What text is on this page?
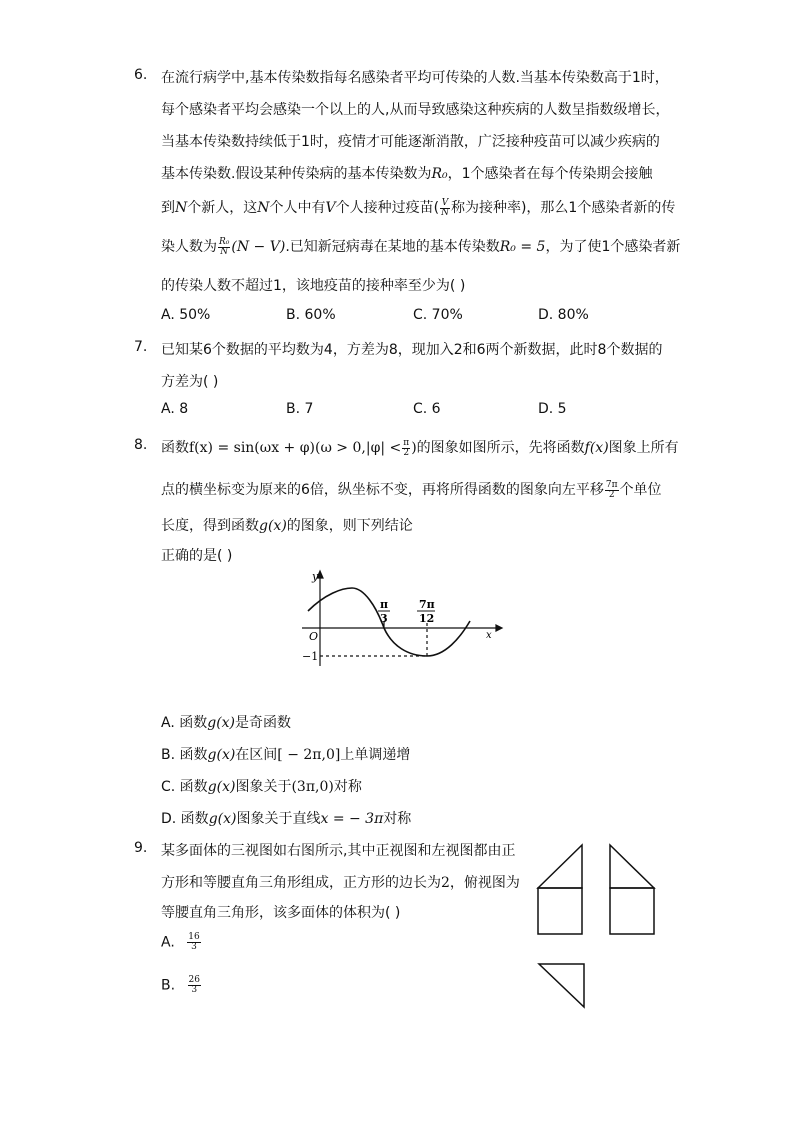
6. 在流行病学中,基本传染数指每名感染者平均可传染的人数.当基本传染数高于1时，
每个感染者平均会感染一个以上的人,从而导致感染这种疾病的人数呈指数级增长，
当基本传染数持续低于1时，疫情才可能逐渐消散，广泛接种疫苗可以减少疾病的
基本传染数.假设某种传染病的基本传染数为R₀，1个感染者在每个传染期会接触
到N个新人，这N个人中有V个人接种过疫苗( $\frac{V}{N}$ 称为接种率)，那么1个感染者新的传
染人数为 $\frac{\text{R₀}}{N} (N - V)$.已知新冠病毒在某地的基本传染数R₀ = 5，为了使1个感染者新
的传染人数不超过1，该地疫苗的接种率至少为( )
A. 50%	B. 60%	C. 70%	D. 80%
7. 已知某6个数据的平均数为4，方差为8，现加入2和6两个新数据，此时8个数据的
方差为( )
A. 8	B. 7	C. 6	D. 5
8. 函数$f(x) = \sin(\omega x + \varphi)(\omega > 0,|\varphi| < \frac{\pi}{2}$ )的图象如图所示，先将函数f(x)图象上所有
点的横坐标变为原来的6倍，纵坐标不变，再将所得函数的图象向左平移 $\frac{7\pi}{2}$ 个单位
长度，得到函数g(x)的图象，则下列结论
正确的是( )
y
x
O
−1
π
3
7π
12
A. 函数g(x)是奇函数
B. 函数g(x)在区间[ − 2π,0]上单调递增
C. 函数g(x)图象关于(3π,0)对称
D. 函数g(x)图象关于直线x = − 3π对称
9. 某多面体的三视图如右图所示,其中正视图和左视图都由正
方形和等腰直角三角形组成，正方形的边长为2，俯视图为
等腰直角三角形，该多面体的体积为( )
A. $\frac{16}{3}$
B. $\frac{26}{3}$
